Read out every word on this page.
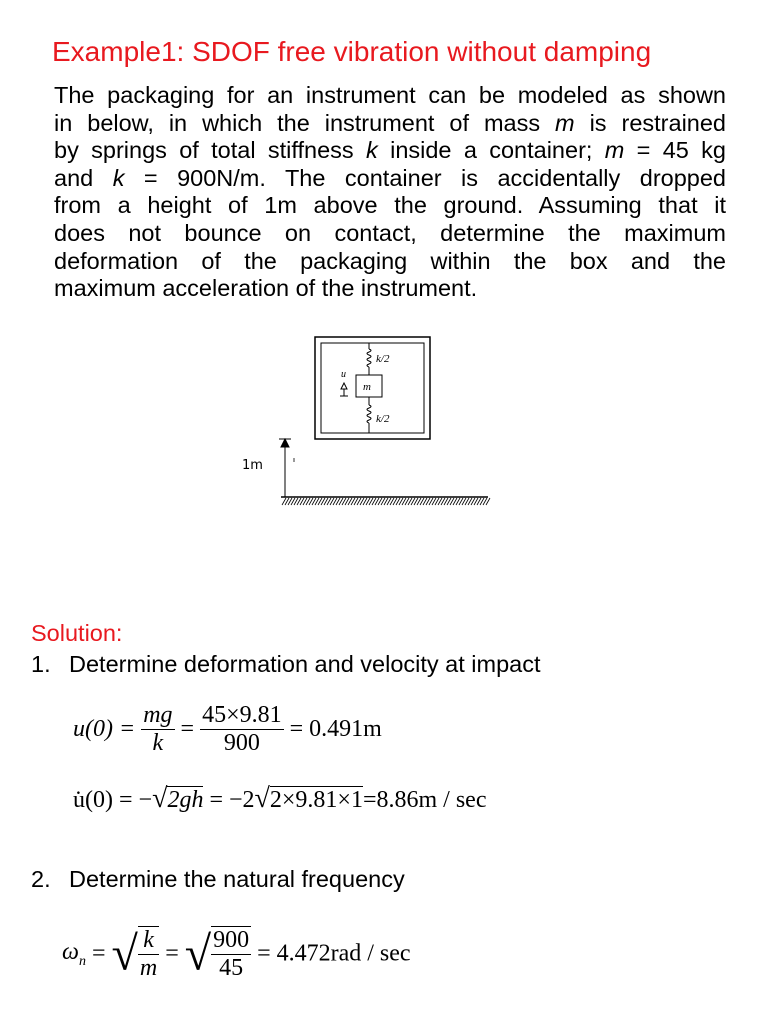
Example1: SDOF free vibration without damping
The packaging for an instrument can be modeled as shown
in below, in which the instrument of mass m is restrained
by springs of total stiffness k inside a container; m = 45 kg
and k = 900N/m. The container is accidentally dropped
from a height of 1m above the ground. Assuming that it
does not bounce on contact, determine the maximum
deformation of the packaging within the box and the
maximum acceleration of the instrument.
k/2
m
k/2
u
1m
Solution:
1. Determine deformation and velocity at impact
$u(0) = \frac{mg}{k} = \frac{45\times 9.81}{900} = 0.491m$
u̇(0) = −√2gh = −2√2×9.81×1=8.86m / sec
2. Determine the natural frequency
$\omega_n$ = √ $\frac{k}{m}$ = √ $\frac{900}{45} = 4.472rad / \sec$
